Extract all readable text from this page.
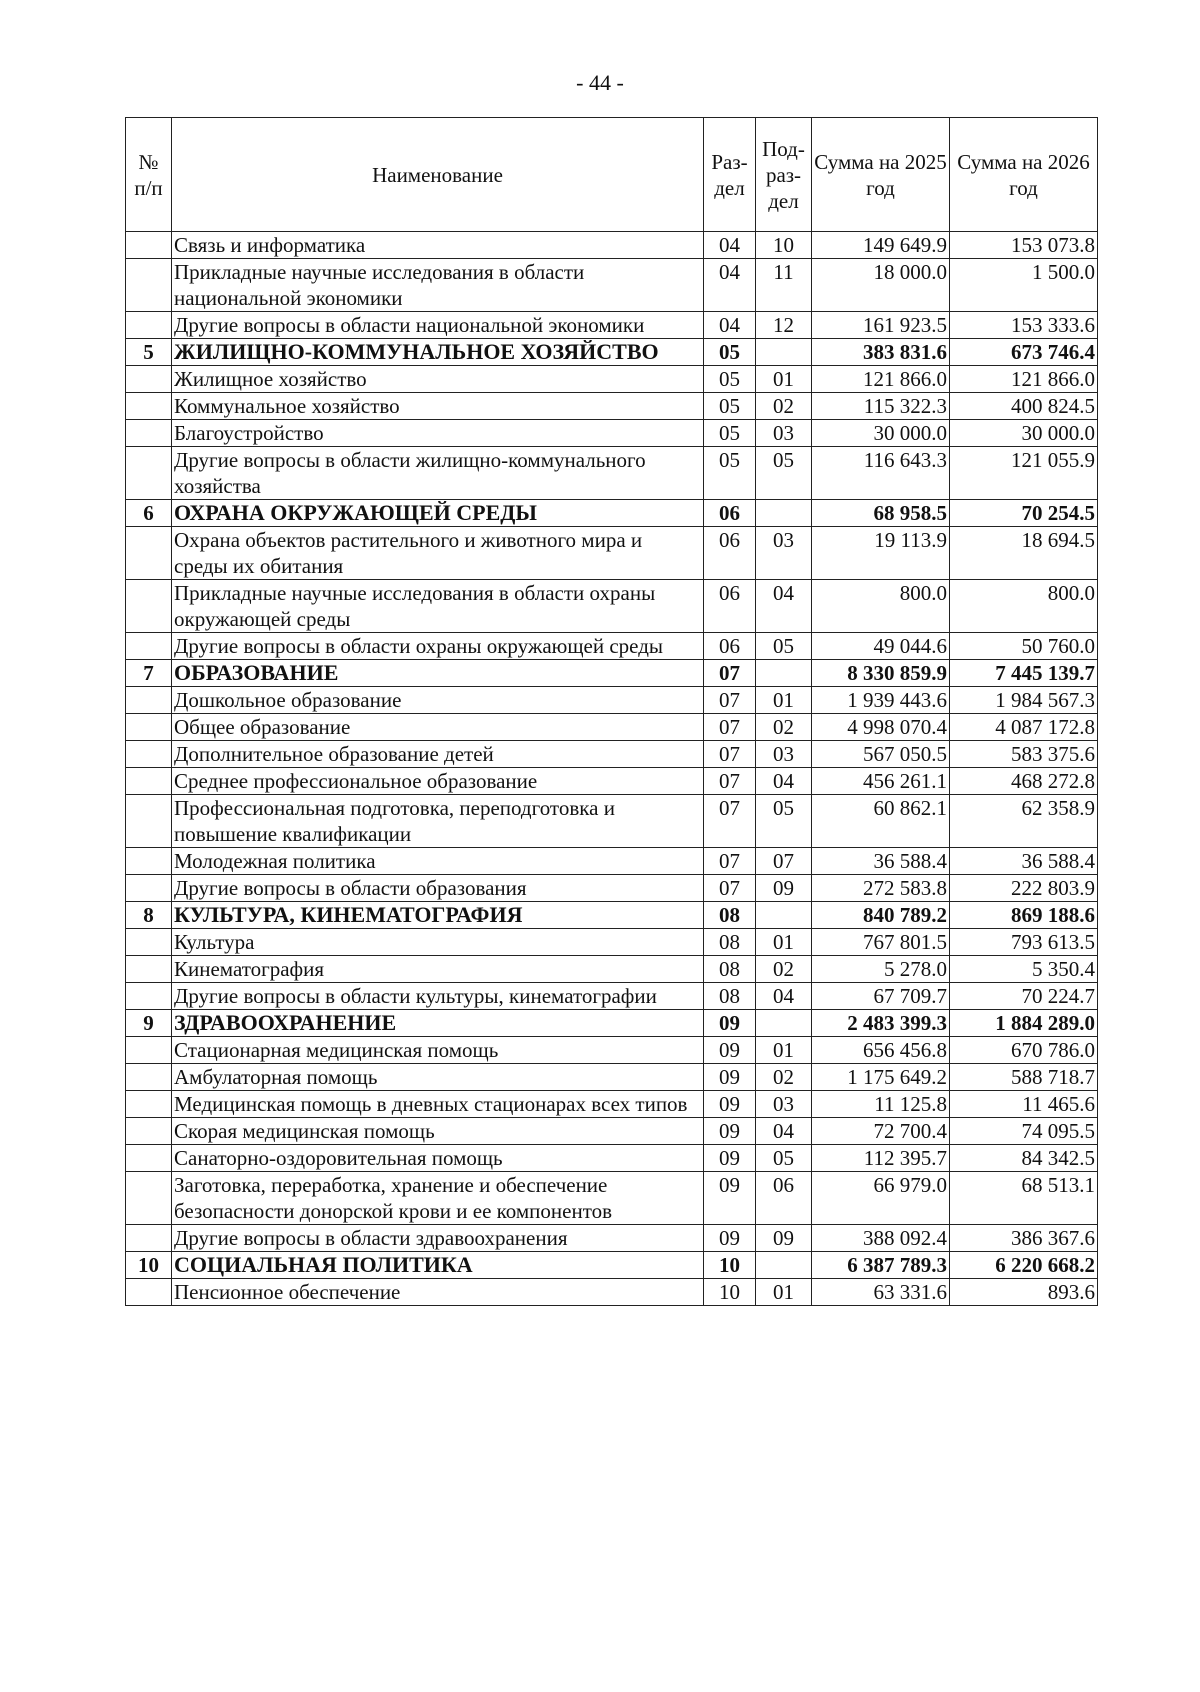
- 44 -
№ п/п	Наименование	Раз-дел	Под-раз-дел	Сумма на 2025 год	Сумма на 2026 год
	Связь и информатика	04	10	149 649.9	153 073.8
	Прикладные научные исследования в области национальной экономики	04	11	18 000.0	1 500.0
	Другие вопросы в области национальной экономики	04	12	161 923.5	153 333.6
5	ЖИЛИЩНО-КОММУНАЛЬНОЕ ХОЗЯЙСТВО	05		383 831.6	673 746.4
	Жилищное хозяйство	05	01	121 866.0	121 866.0
	Коммунальное хозяйство	05	02	115 322.3	400 824.5
	Благоустройство	05	03	30 000.0	30 000.0
	Другие вопросы в области жилищно-коммунального хозяйства	05	05	116 643.3	121 055.9
6	ОХРАНА ОКРУЖАЮЩЕЙ СРЕДЫ	06		68 958.5	70 254.5
	Охрана объектов растительного и животного мира и среды их обитания	06	03	19 113.9	18 694.5
	Прикладные научные исследования в области охраны окружающей среды	06	04	800.0	800.0
	Другие вопросы в области охраны окружающей среды	06	05	49 044.6	50 760.0
7	ОБРАЗОВАНИЕ	07		8 330 859.9	7 445 139.7
	Дошкольное образование	07	01	1 939 443.6	1 984 567.3
	Общее образование	07	02	4 998 070.4	4 087 172.8
	Дополнительное образование детей	07	03	567 050.5	583 375.6
	Среднее профессиональное образование	07	04	456 261.1	468 272.8
	Профессиональная подготовка, переподготовка и повышение квалификации	07	05	60 862.1	62 358.9
	Молодежная политика	07	07	36 588.4	36 588.4
	Другие вопросы в области образования	07	09	272 583.8	222 803.9
8	КУЛЬТУРА, КИНЕМАТОГРАФИЯ	08		840 789.2	869 188.6
	Культура	08	01	767 801.5	793 613.5
	Кинематография	08	02	5 278.0	5 350.4
	Другие вопросы в области культуры, кинематографии	08	04	67 709.7	70 224.7
9	ЗДРАВООХРАНЕНИЕ	09		2 483 399.3	1 884 289.0
	Стационарная медицинская помощь	09	01	656 456.8	670 786.0
	Амбулаторная помощь	09	02	1 175 649.2	588 718.7
	Медицинская помощь в дневных стационарах всех типов	09	03	11 125.8	11 465.6
	Скорая медицинская помощь	09	04	72 700.4	74 095.5
	Санаторно-оздоровительная помощь	09	05	112 395.7	84 342.5
	Заготовка, переработка, хранение и обеспечение безопасности донорской крови и ее компонентов	09	06	66 979.0	68 513.1
	Другие вопросы в области здравоохранения	09	09	388 092.4	386 367.6
10	СОЦИАЛЬНАЯ ПОЛИТИКА	10		6 387 789.3	6 220 668.2
	Пенсионное обеспечение	10	01	63 331.6	893.6
